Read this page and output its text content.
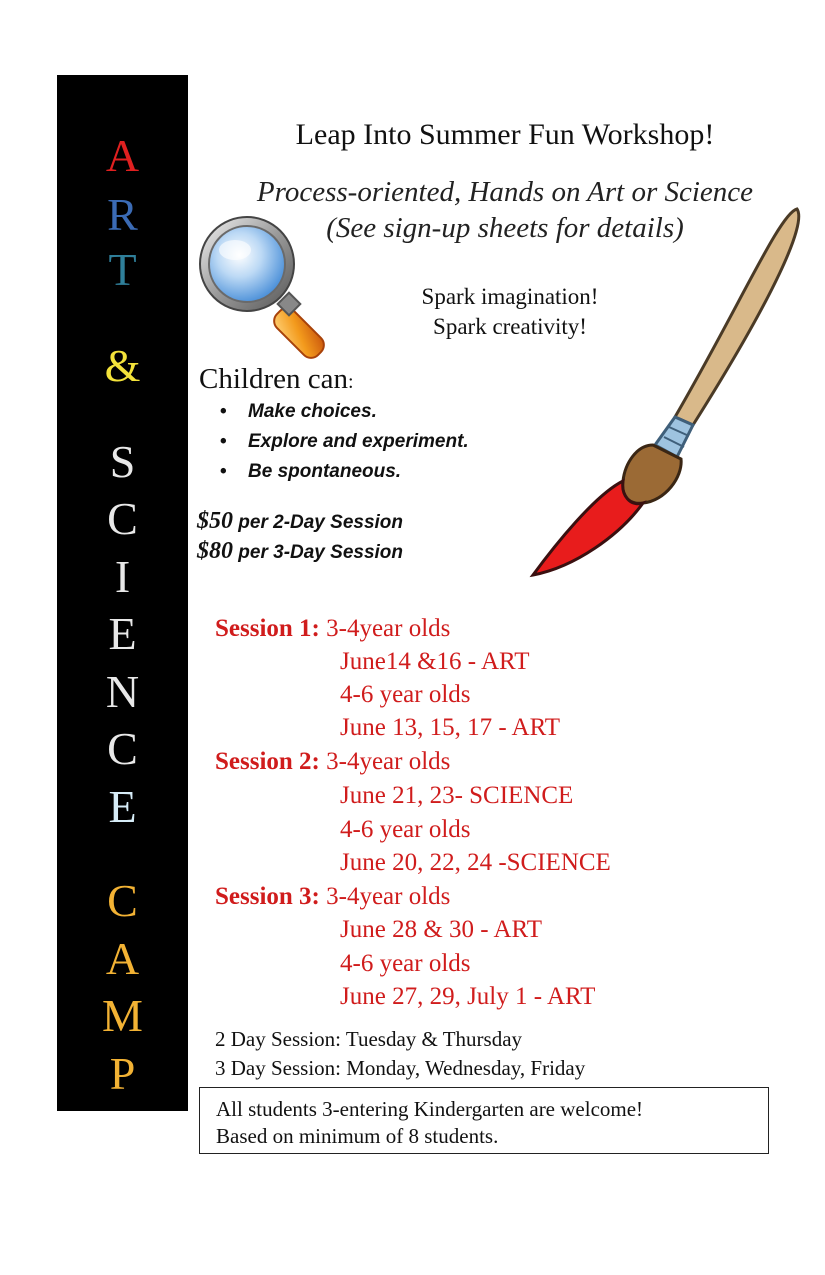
A
R
T
&
S
C
I
E
N
C
E
C
A
M
P
Leap Into Summer Fun Workshop!
Process-oriented, Hands on Art or Science
(See sign-up sheets for details)
Spark imagination!
Spark creativity!
Children can:
• Make choices.
• Explore and experiment.
• Be spontaneous.
$50 per 2-Day Session
$80 per 3-Day Session
Session 1: 3-4year olds
June14 &16 - ART
4-6 year olds
June 13, 15, 17 - ART
Session 2: 3-4year olds
June 21, 23- SCIENCE
4-6 year olds
June 20, 22, 24 -SCIENCE
Session 3: 3-4year olds
June 28 & 30 - ART
4-6 year olds
June 27, 29, July 1 - ART
2 Day Session: Tuesday & Thursday
3 Day Session: Monday, Wednesday, Friday
All students 3-entering Kindergarten are welcome!
Based on minimum of 8 students.
